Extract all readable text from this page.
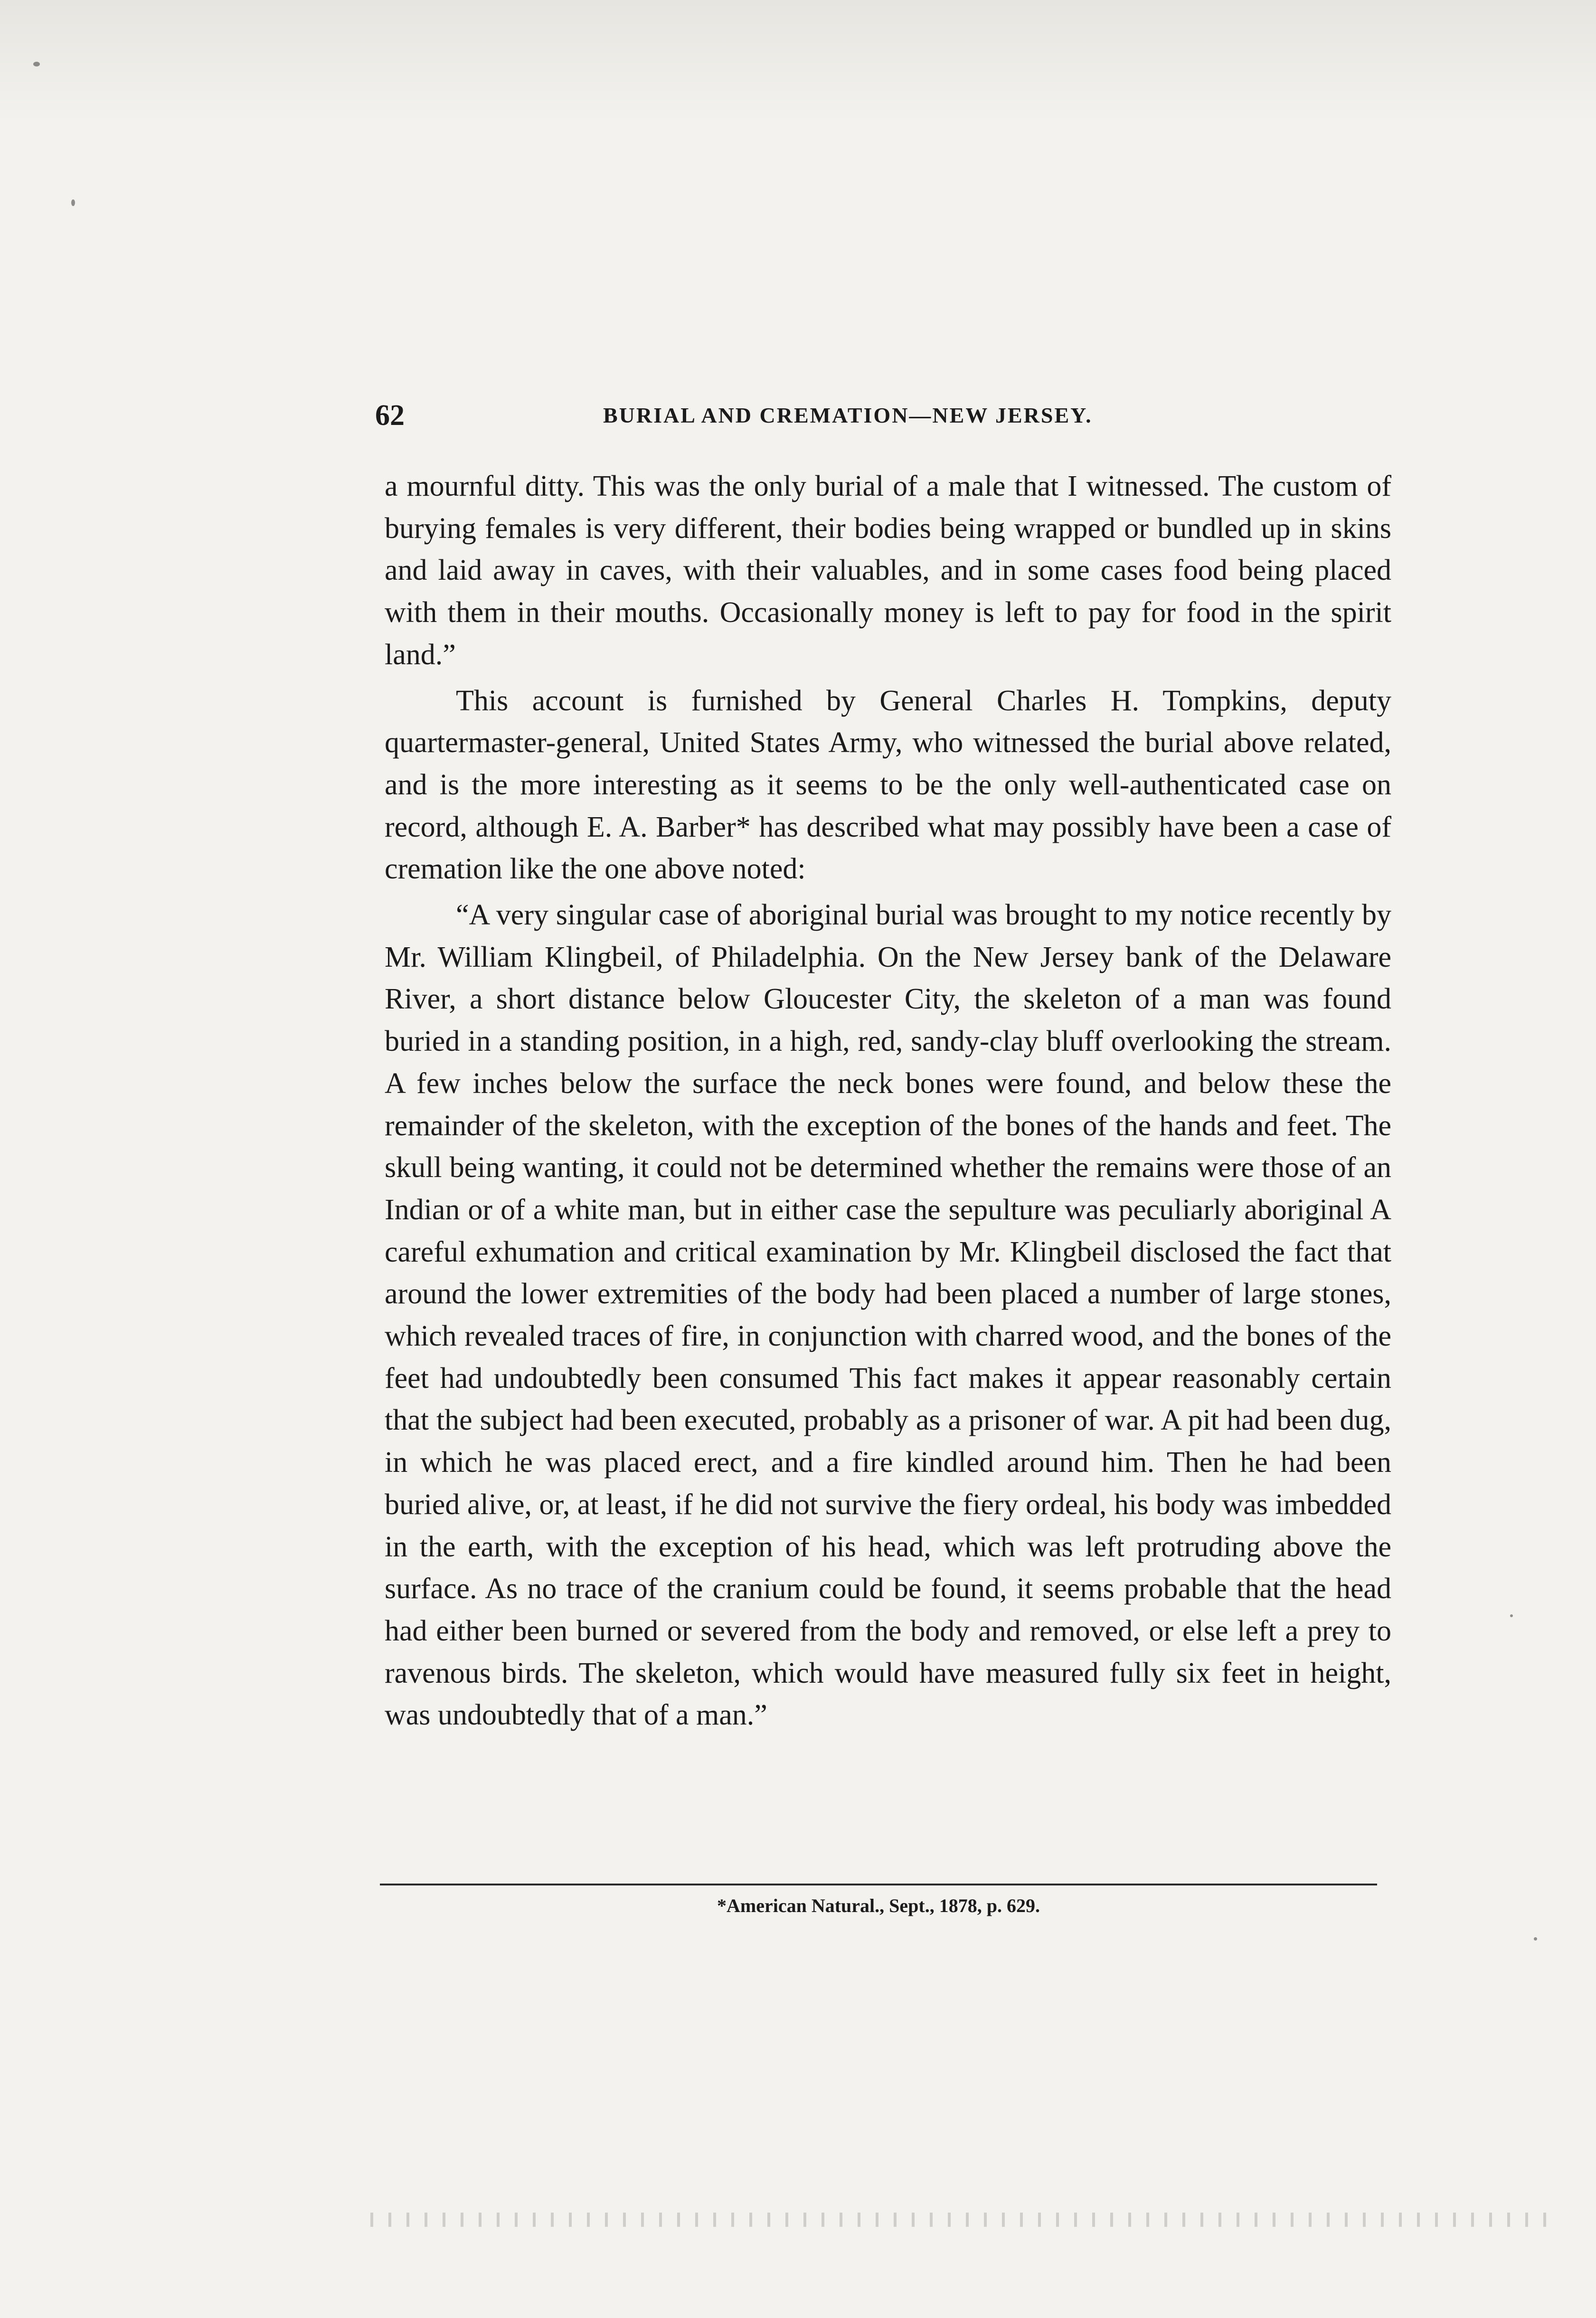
62	BURIAL AND CREMATION—NEW JERSEY.

a mournful ditty. This was the only burial of a male that I witnessed. The custom of burying females is very different, their bodies being wrapped or bundled up in skins and laid away in caves, with their valuables, and in some cases food being placed with them in their mouths. Occasionally money is left to pay for food in the spirit land.”

This account is furnished by General Charles H. Tompkins, deputy quartermaster-general, United States Army, who witnessed the burial above related, and is the more interesting as it seems to be the only well-authenticated case on record, although E. A. Barber* has described what may possibly have been a case of cremation like the one above noted:

“A very singular case of aboriginal burial was brought to my notice recently by Mr. William Klingbeil, of Philadelphia. On the New Jersey bank of the Delaware River, a short distance below Gloucester City, the skeleton of a man was found buried in a standing position, in a high, red, sandy-clay bluff overlooking the stream. A few inches below the surface the neck bones were found, and below these the remainder of the skeleton, with the exception of the bones of the hands and feet. The skull being wanting, it could not be determined whether the remains were those of an Indian or of a white man, but in either case the sepulture was peculiarly aboriginal A careful exhumation and critical examination by Mr. Klingbeil disclosed the fact that around the lower extremities of the body had been placed a number of large stones, which revealed traces of fire, in conjunction with charred wood, and the bones of the feet had undoubtedly been consumed This fact makes it appear reasonably certain that the subject had been executed, probably as a prisoner of war. A pit had been dug, in which he was placed erect, and a fire kindled around him. Then he had been buried alive, or, at least, if he did not survive the fiery ordeal, his body was imbedded in the earth, with the exception of his head, which was left protruding above the surface. As no trace of the cranium could be found, it seems probable that the head had either been burned or severed from the body and removed, or else left a prey to ravenous birds. The skeleton, which would have measured fully six feet in height, was undoubtedly that of a man.”

*American Natural., Sept., 1878, p. 629.
